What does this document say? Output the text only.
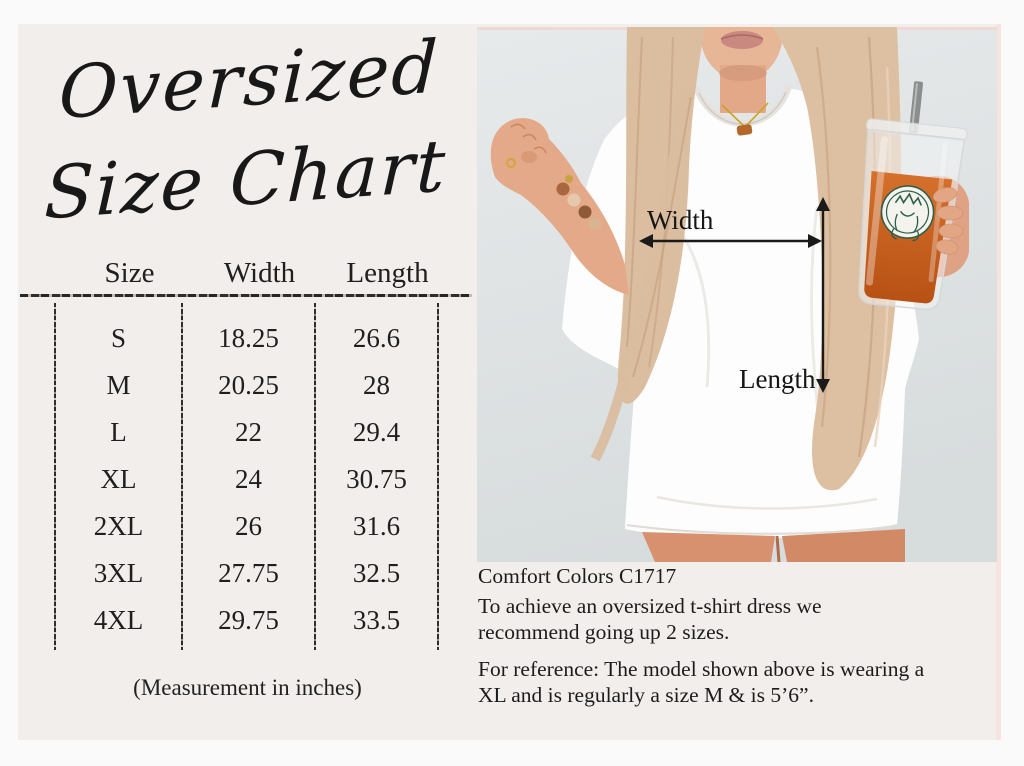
Oversized
Size Chart
Size	Width	Length
S	18.25	26.6
M	20.25	28
L	22	29.4
XL	24	30.75
2XL	26	31.6
3XL	27.75	32.5
4XL	29.75	33.5
(Measurement in inches)
Width
Length

Comfort Colors C1717

To achieve an oversized t-shirt dress we recommend going up 2 sizes.

For reference: The model shown above is wearing a XL and is regularly a size M & is 5’6”.
